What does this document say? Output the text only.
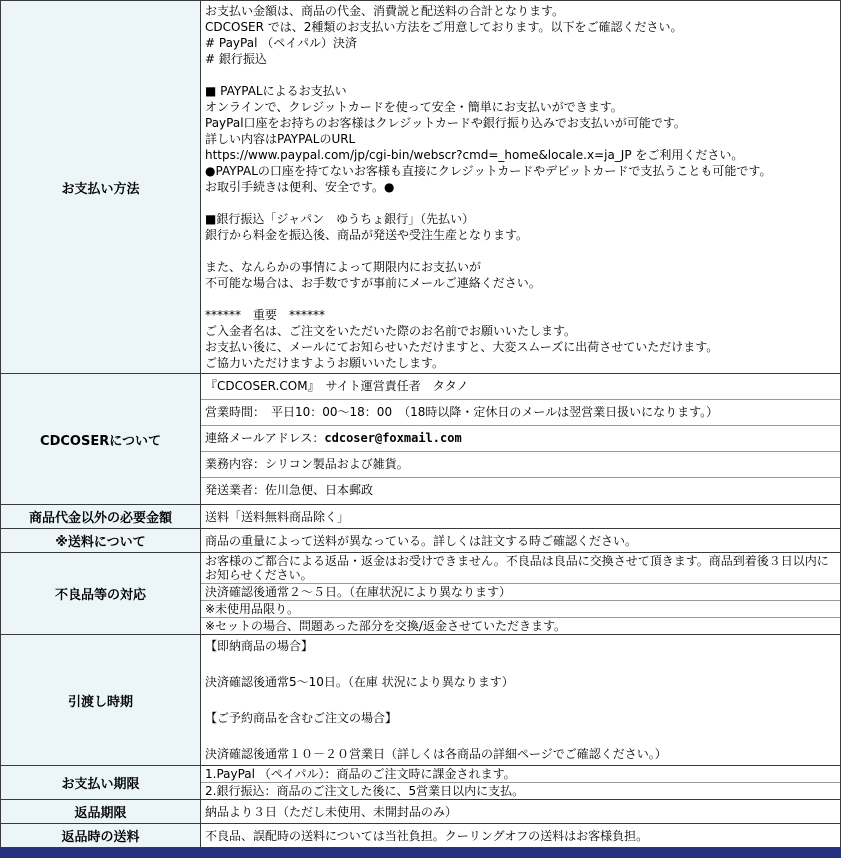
お支払い方法	
お支払い金額は、商品の代金、消費説と配送料の合計となります。
CDCOSER では、2種類のお支払い方法をご用意しております。以下をご確認ください。
# PayPal （ペイパル）決済
# 銀行振込
■ PAYPALによるお支払い
オンラインで、クレジットカードを使って安全・簡単にお支払いができます。
PayPal口座をお持ちのお客様はクレジットカードや銀行振り込みでお支払いが可能です。
詳しい内容はPAYPALのURL
https://www.paypal.com/jp/cgi-bin/webscr?cmd=_home&locale.x=ja_JP をご利用ください。
●PAYPALの口座を持てないお客様も直接にクレジットカードやデビットカードで支払うことも可能です。
お取引手続きは便利、安全です。●
■銀行振込「ジャパン　ゆうちょ銀行」（先払い）
銀行から料金を振込後、商品が発送や受注生産となります。
また、なんらかの事情によって期限内にお支払いが
不可能な場合は、お手数ですが事前にメールご連絡ください。
******　重要　******
ご入金者名は、ご注文をいただいた際のお名前でお願いいたします。
お支払い後に、メールにてお知らせいただけますと、大変スムーズに出荷させていただけます。
ご協力いただけますようお願いいたします。

CDCOSERについて	『CDCOSER.COM』　サイト運営責任者　タタノ
営業時間：　平日10：00～18：00　（18時以降・定休日のメールは翌営業日扱いになります。）
連絡メールアドレス：cdcoser@foxmail.com
業務内容：シリコン製品および雑貨。
発送業者：佐川急便、日本郵政

商品代金以外の必要金額	送料「送料無料商品除く」

※送料について	商品の重量によって送料が異なっている。詳しくは註文する時ご確認ください。

不良品等の対応	お客様のご都合による返品・返金はお受けできません。不良品は良品に交換させて頂きます。商品到着後３日以内にお知らせください。
決済確認後通常２～５日。（在庫状況により異なります）
※未使用品限り。
※セットの場合、問題あった部分を交換/返金させていただきます。

引渡し時期	【即納商品の場合】
決済確認後通常5～10日。（在庫 状況により異なります）
【ご予約商品を含むご注文の場合】
決済確認後通常１０－２０営業日（詳しくは各商品の詳細ページでご確認ください。）

お支払い期限	1.PayPal （ペイパル）：商品のご注文時に課金されます。
2.銀行振込：商品のご注文した後に、5営業日以内に支払。

返品期限	納品より３日（ただし未使用、未開封品のみ）

返品時の送料	不良品、誤配時の送料については当社負担。クーリングオフの送料はお客様負担。
